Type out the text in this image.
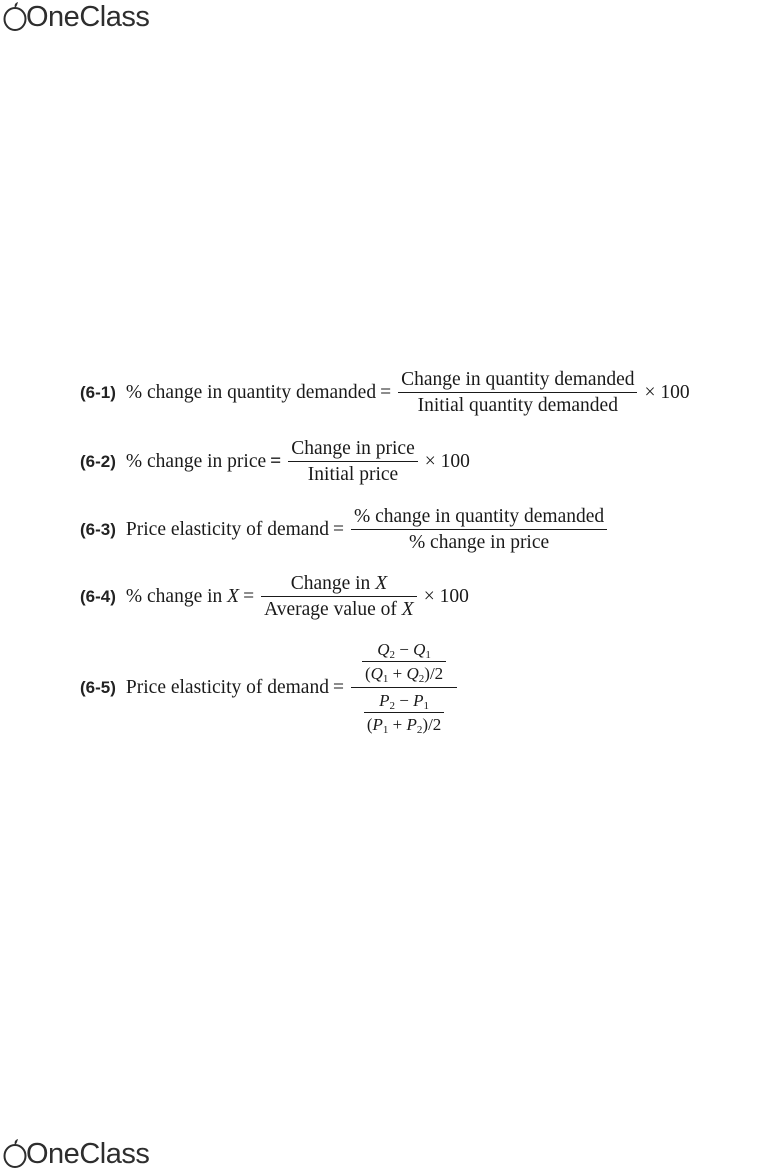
OneClass
(6-1) % change in quantity demanded = $\frac{\text{Change in quantity demanded}}{\text{Initial quantity demanded}} \times 100$
(6-2) % change in price = $\frac{\text{Change in price}}{\text{Initial price}} \times 100$
(6-3) Price elasticity of demand = $\frac{\text{\% change in quantity demanded}}{\text{\% change in price}}$
(6-4) % change in $X = \frac{\text{Change in X}}{\text{Average value of X}} \times 100$
(6-5) Price elasticity of demand =
$\frac{Q_2 - Q_1}{(Q_1 + Q_2)/2}$
$\frac{P_2 - P_1}{(P_1 + P_2)/2}$
OneClass
